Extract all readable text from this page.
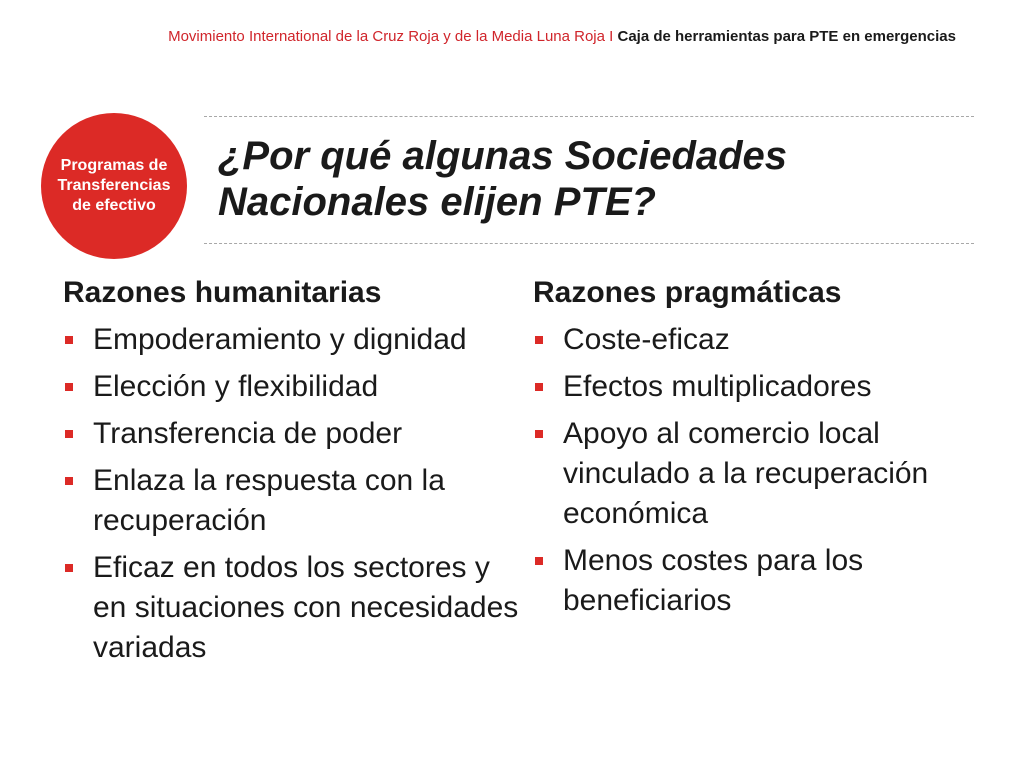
Movimiento International de la Cruz Roja y de la Media Luna Roja I Caja de herramientas para PTE en emergencias
Programas de
Transferencias
de efectivo
¿Por qué algunas Sociedades
Nacionales elijen PTE?
Razones humanitarias
Empoderamiento y dignidad
Elección y flexibilidad
Transferencia de poder
Enlaza la respuesta con la recuperación
Eficaz en todos los sectores y en situaciones con necesidades variadas
Razones pragmáticas
Coste-eficaz
Efectos multiplicadores
Apoyo al comercio local vinculado a la recuperación económica
Menos costes para los beneficiarios
